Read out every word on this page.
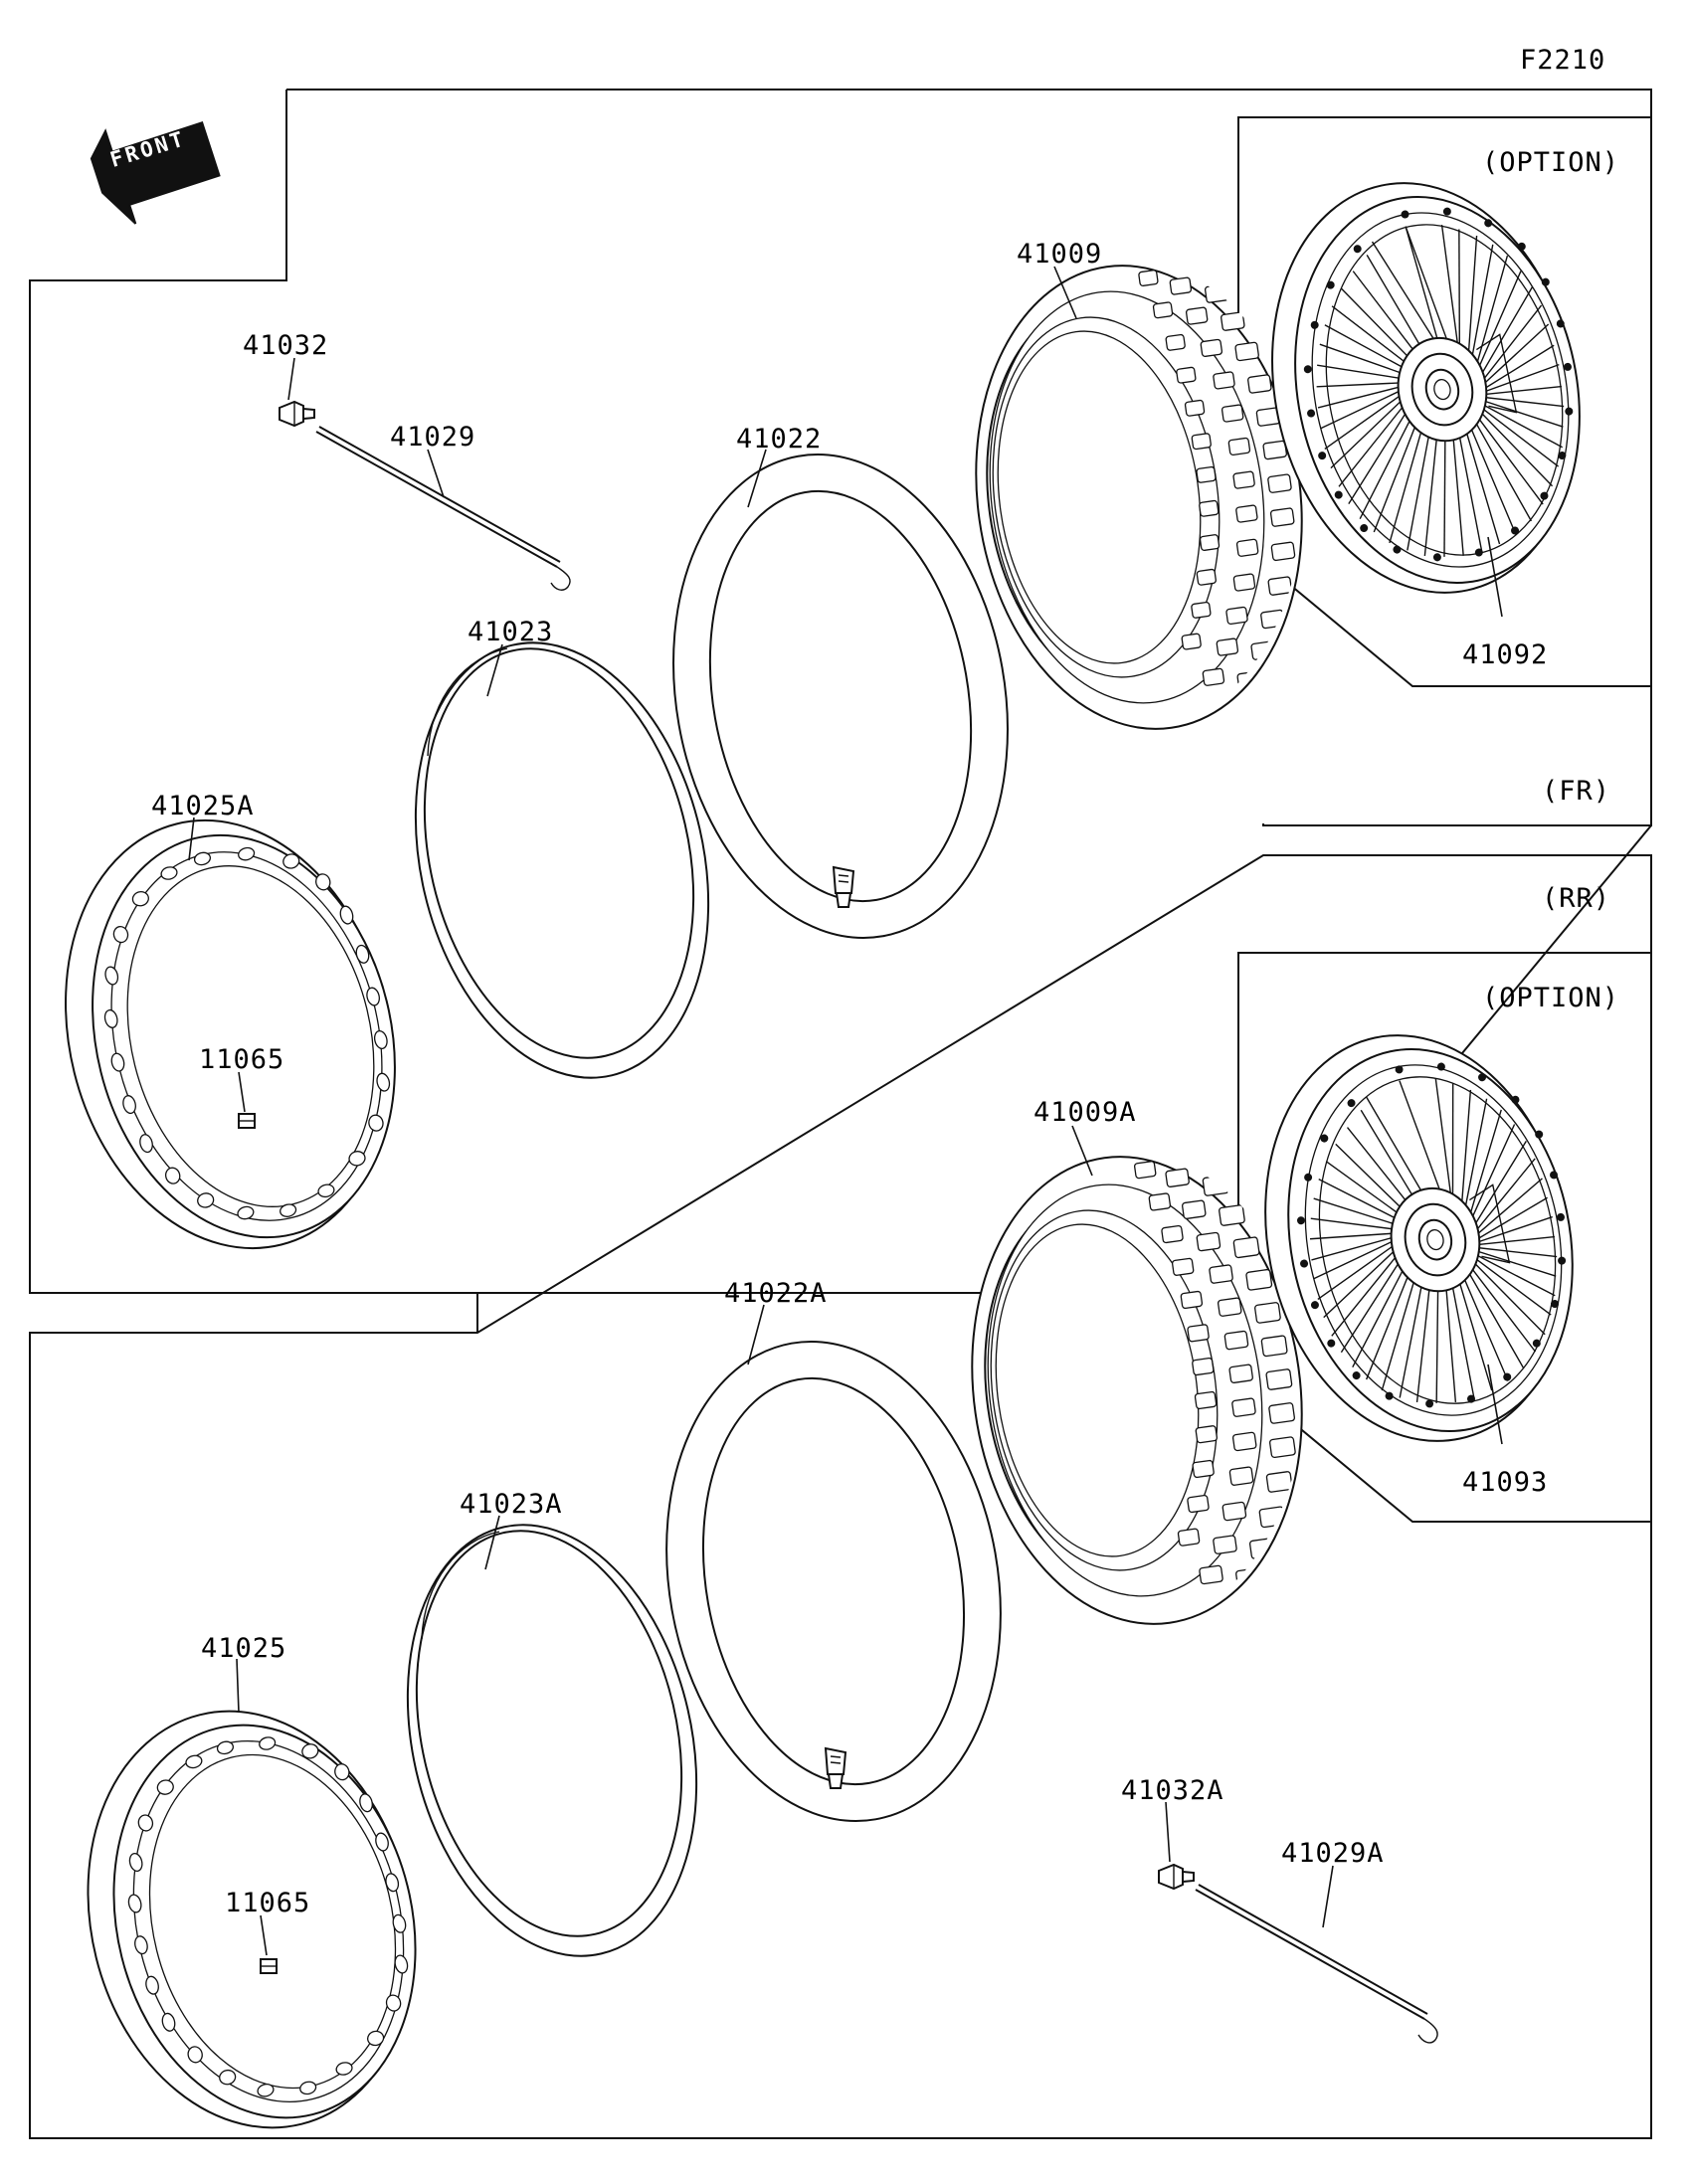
F2210
FRONT	(OPTION)
(FR)
(RR)
(OPTION)
41032
41029	41022
41009
41023
41025A
11065
41092
41009A
41022A
41023A
41025
11065
41032A
41029A
41093
